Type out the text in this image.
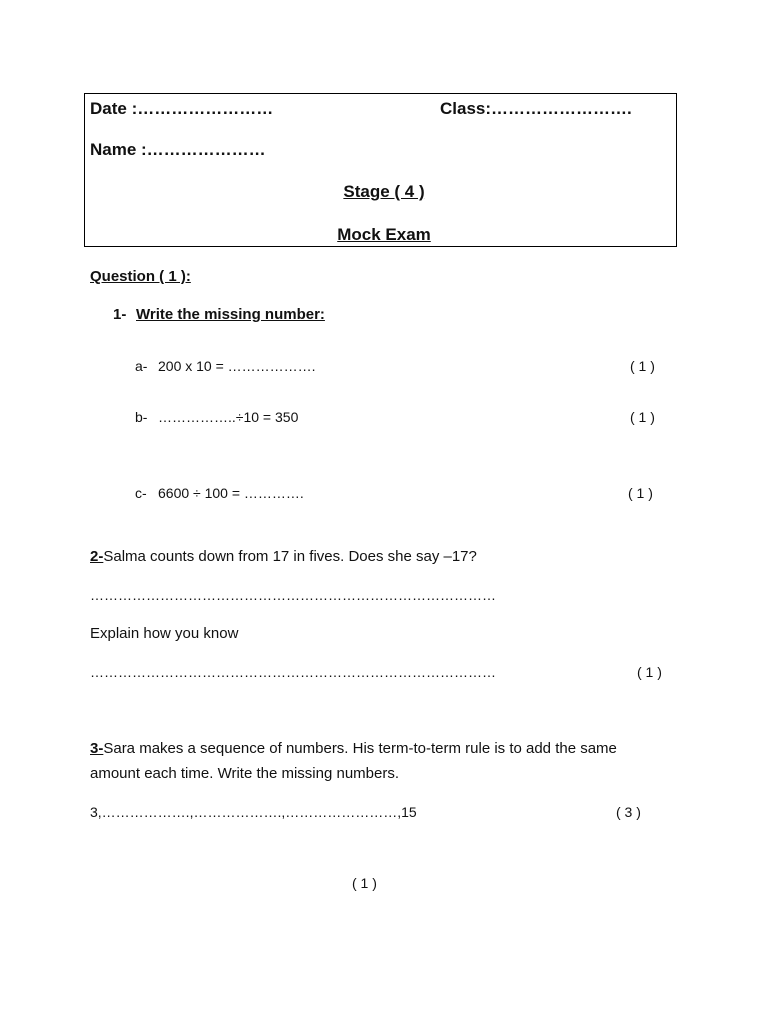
Date :……………………	Class:…………………….
Name :…………………
Stage ( 4 )
Mock Exam
Question ( 1 ):
1- Write the missing number:
a- 200 x 10 = ……………….	( 1 )
b- ……………..÷10 = 350	( 1 )
c- 6600 ÷ 100 = ………….	( 1 )
2-Salma counts down from 17 in fives. Does she say –17?
……………………………………………………………………………
Explain how you know
……………………………………………………………………………	( 1 )
3-Sara makes a sequence of numbers. His term-to-term rule is to add the same
amount each time. Write the missing numbers.
3,……………….,……………….,……………………,15	( 3 )
( 1 )
